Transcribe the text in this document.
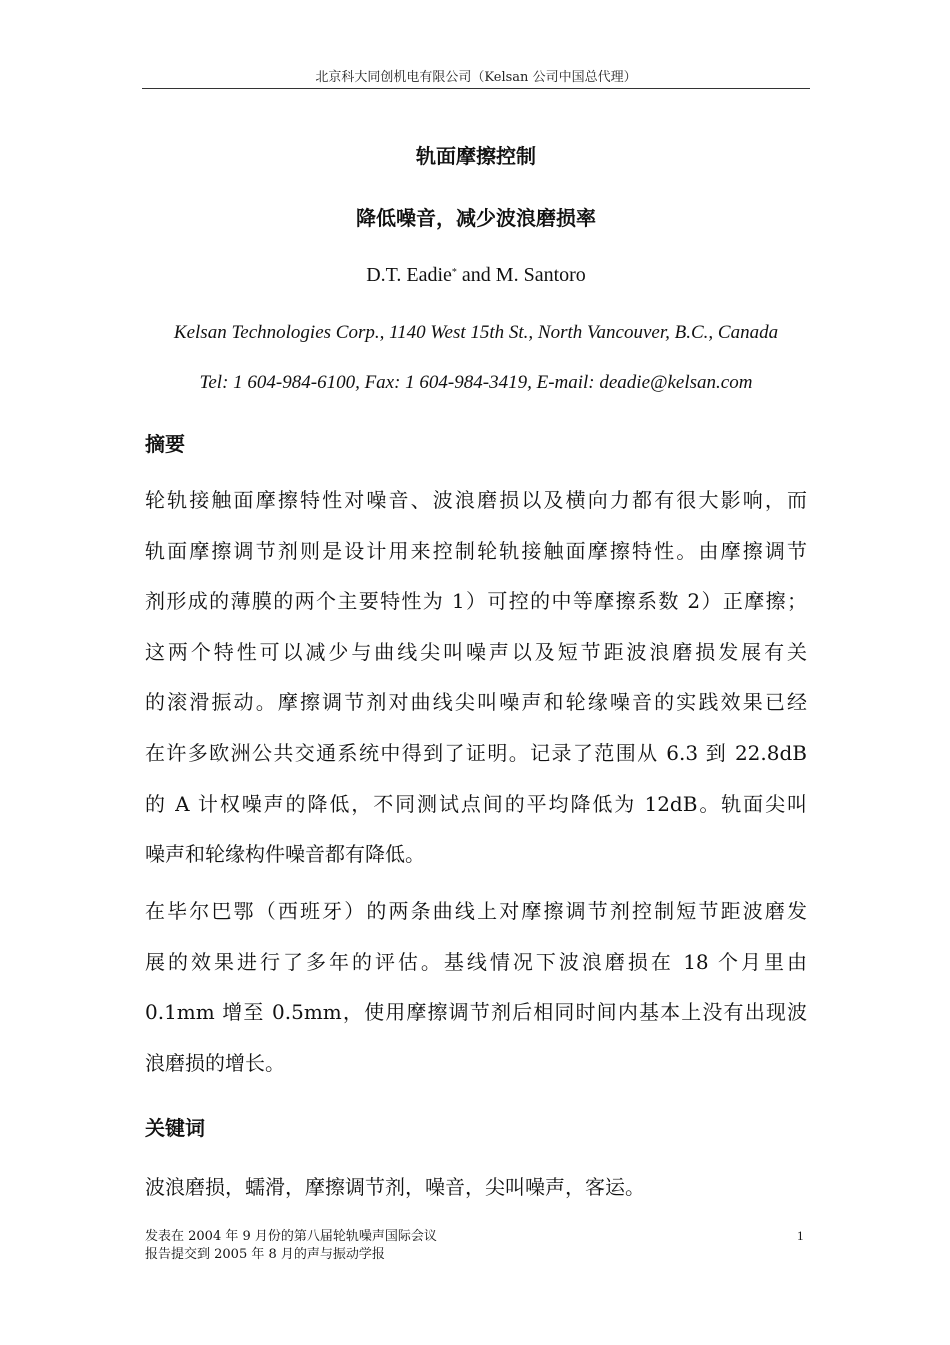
北京科大同创机电有限公司（Kelsan 公司中国总代理）
轨面摩擦控制
降低噪音，减少波浪磨损率
D.T. Eadie* and M. Santoro
Kelsan Technologies Corp., 1140 West 15th St., North Vancouver, B.C., Canada
Tel: 1 604-984-6100, Fax: 1 604-984-3419, E-mail: deadie@kelsan.com
摘要
轮轨接触面摩擦特性对噪音、波浪磨损以及横向力都有很大影响，而
轨面摩擦调节剂则是设计用来控制轮轨接触面摩擦特性。由摩擦调节
剂形成的薄膜的两个主要特性为 1）可控的中等摩擦系数 2）正摩擦；
这两个特性可以减少与曲线尖叫噪声以及短节距波浪磨损发展有关
的滚滑振动。摩擦调节剂对曲线尖叫噪声和轮缘噪音的实践效果已经
在许多欧洲公共交通系统中得到了证明。记录了范围从 6.3 到 22.8dB
的 A 计权噪声的降低，不同测试点间的平均降低为 12dB。轨面尖叫
噪声和轮缘构件噪音都有降低。
在毕尔巴鄂（西班牙）的两条曲线上对摩擦调节剂控制短节距波磨发
展的效果进行了多年的评估。基线情况下波浪磨损在 18 个月里由
0.1mm 增至 0.5mm，使用摩擦调节剂后相同时间内基本上没有出现波
浪磨损的增长。
关键词
波浪磨损，蠕滑，摩擦调节剂，噪音，尖叫噪声，客运。
发表在 2004 年 9 月份的第八届轮轨噪声国际会议
报告提交到 2005 年 8 月的声与振动学报
1
